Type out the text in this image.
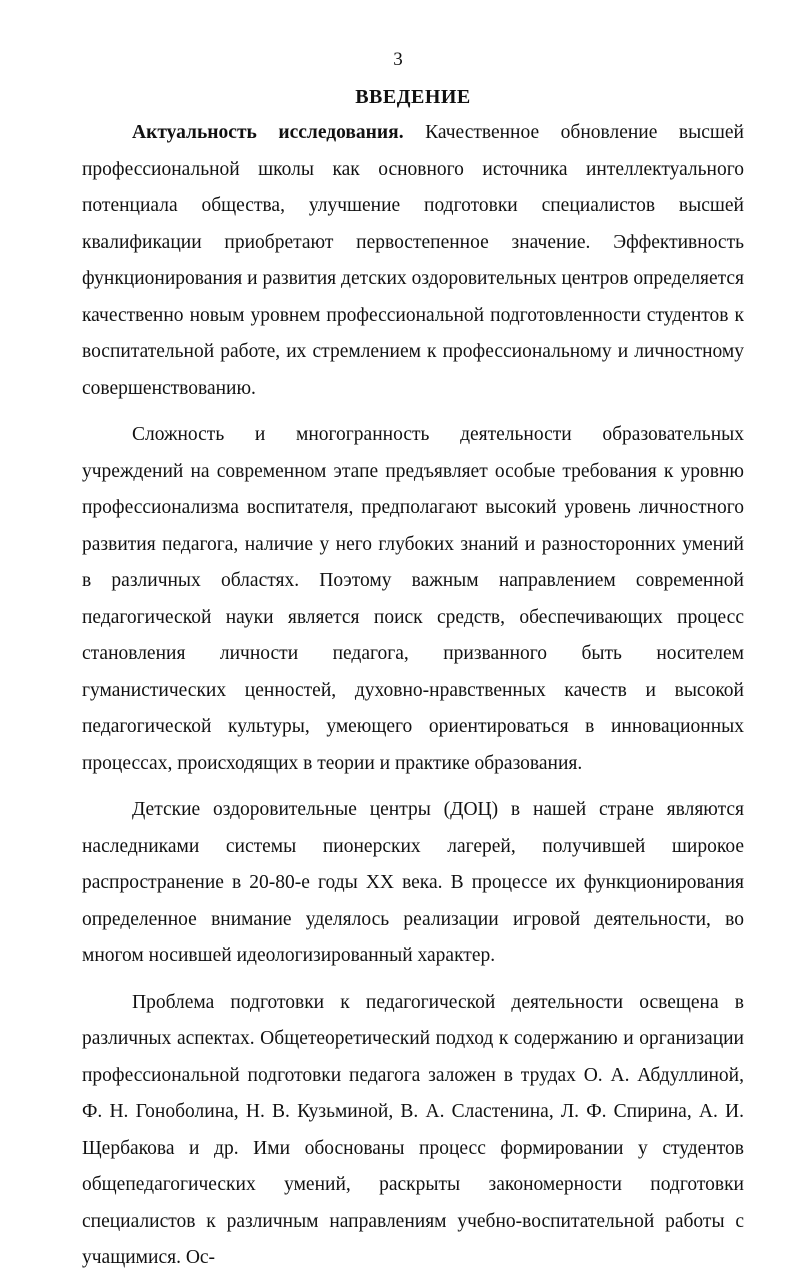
3
ВВЕДЕНИЕ

Актуальность исследования. Качественное обновление высшей профессиональной школы как основного источника интеллектуального потенциала общества, улучшение подготовки специалистов высшей квалификации приобретают первостепенное значение. Эффективность функционирования и развития детских оздоровительных центров определяется качественно новым уровнем профессиональной подготовленности студентов к воспитательной работе, их стремлением к профессиональному и личностному совершенствованию.

Сложность и многогранность деятельности образовательных учреждений на современном этапе предъявляет особые требования к уровню профессионализма воспитателя, предполагают высокий уровень личностного развития педагога, наличие у него глубоких знаний и разносторонних умений в различных областях. Поэтому важным направлением современной педагогической науки является поиск средств, обеспечивающих процесс становления личности педагога, призванного быть носителем гуманистических ценностей, духовно-нравственных качеств и высокой педагогической культуры, умеющего ориентироваться в инновационных процессах, происходящих в теории и практике образования.

Детские оздоровительные центры (ДОЦ) в нашей стране являются наследниками системы пионерских лагерей, получившей широкое распространение в 20-80-е годы XX века. В процессе их функционирования определенное внимание уделялось реализации игровой деятельности, во многом носившей идеологизированный характер.

Проблема подготовки к педагогической деятельности освещена в различных аспектах. Общетеоретический подход к содержанию и организации профессиональной подготовки педагога заложен в трудах О. А. Абдуллиной, Ф. Н. Гоноболина, Н. В. Кузьминой, В. А. Сластенина, Л. Ф. Спирина, А. И. Щербакова и др. Ими обоснованы процесс формировании у студентов общепедагогических умений, раскрыты закономерности подготовки специалистов к различным направлениям учебно-воспитательной работы с учащимися. Ос-
